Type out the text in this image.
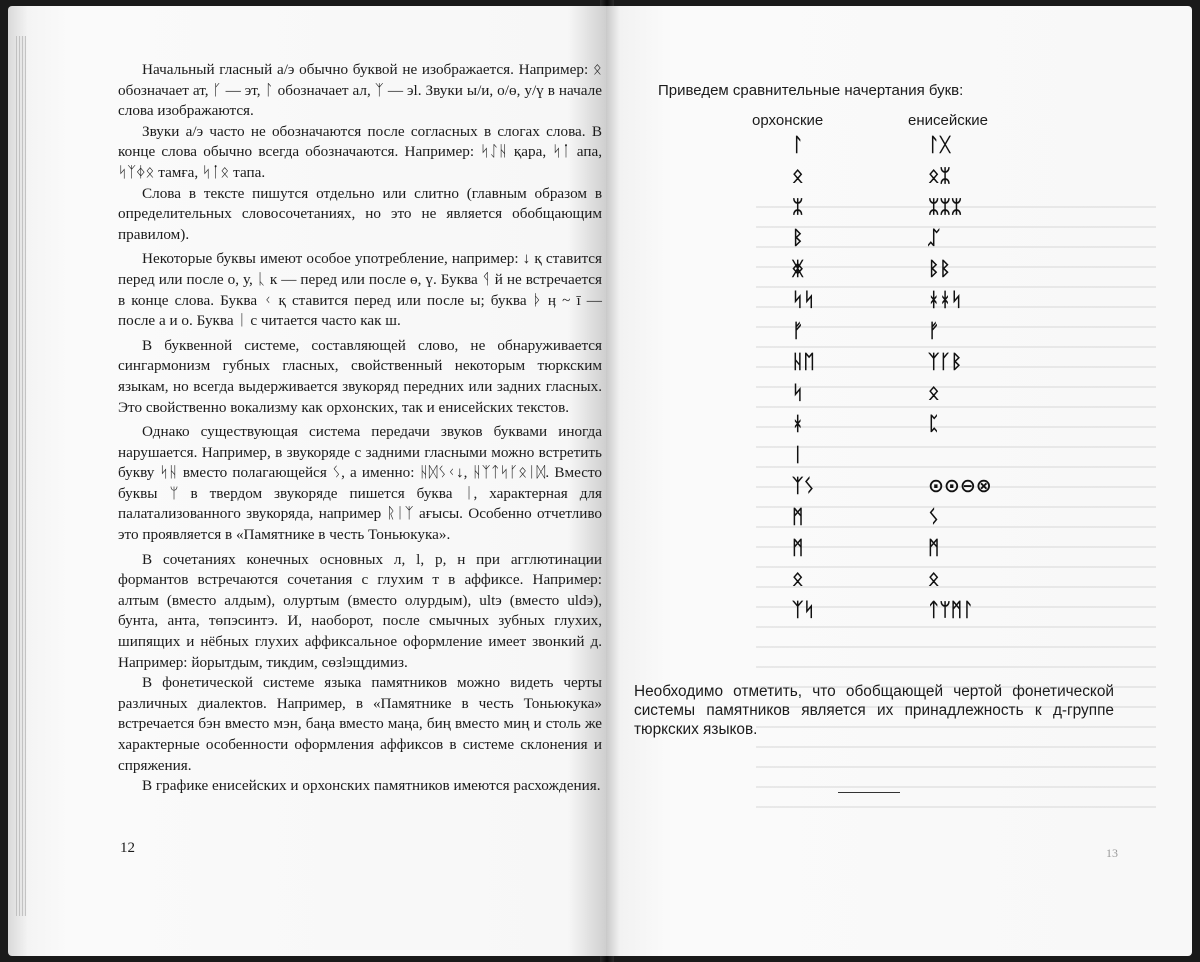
Начальный гласный а/э обычно буквой не изображается. Например: ᛟ обозначает ат, ᚴ — эт, ᛚ обозначает ал, ᛉ — эl. Звуки ы/и, о/ө, у/ү в начале слова изображаются.

Звуки а/э часто не обозначаются после согласных в слогах слова. В конце слова обычно всегда обозначаются. Например: ᛋᛇᚺ қара, ᛋᛙ апа, ᛋᛉᛄᛟ тамға, ᛋᛙᛟ тапа.

Слова в тексте пишутся отдельно или слитно (главным образом в определительных словосочетаниях, но это не является обобщающим правилом).

Некоторые буквы имеют особое употребление, например: ↓ қ ставится перед или после о, у, ᚳ к — перед или после ө, ү. Буква ᛩ й не встречается в конце слова. Буква ᚲ қ ставится перед или после ы; буква ᚦ ӊ ~ ī — после а и о. Буква ᛁ с читается часто как ш.

В буквенной системе, составляющей слово, не обнаруживается сингармонизм губных гласных, свойственный некоторым тюркским языкам, но всегда выдерживается звукоряд передних или задних гласных. Это свойственно вокализму как орхонских, так и енисейских текстов.

Однако существующая система передачи звуков буквами иногда нарушается. Например, в звукоряде с задними гласными можно встретить букву ᛋᚺ вместо полагающейся ᛊ, а именно: ᚺᛞᛊᚲ↓, ᚺᛉᛏᛋᚴᛟᛁᛞ. Вместо буквы ᛘ в твердом звукоряде пишется буква ᛁ, характерная для палатализованного звукоряда, например ᚱᛁᛉ ағысы. Особенно отчетливо это проявляется в «Памятнике в честь Тоньюкука».

В сочетаниях конечных основных л, l, р, н при агглютинации формантов встречаются сочетания с глухим т в аффиксе. Например: алтым (вместо алдым), олуртым (вместо олурдым), ultэ (вместо uldэ), бунта, анта, төпэсинтэ. И, наоборот, после смычных зубных глухих, шипящих и нёбных глухих аффиксальное оформление имеет звонкий д. Например: йорытдым, тикдим, сөзlэщдимиз.

В фонетической системе языка памятников можно видеть черты различных диалектов. Например, в «Памятнике в честь Тоньюкука» встречается бэн вместо мэн, баңа вместо маңа, биң вместо миң и столь же характерные особенности оформления аффиксов в системе склонения и спряжения.

В графике енисейских и орхонских памятников имеются расхождения.

12
Приведем сравнительные начертания букв:
орхонские	енисейские
ᛚ
ᛟ
ᛯ
ᛒ
ᛤ
ᛋᛋ
ᚠ
ᚺᛖ
ᛋ
ᚼ
ᛁ
ᛉᛊ
ᛗ
ᛗ
ᛟ
ᛉᛋ
ᛚᚷ
ᛟᛯ
ᛯᛯᛯ
ᛢ
ᛒᛒ
ᚼᚼᛋ
ᚠ
ᛉᚴᛒ
ᛟ
ᛈ
⊙⊙⊖⊗
ᛊ
ᛗ
ᛟ
ᛏᛘᛗᛚ
Необходимо отметить, что обобщающей чертой фонетической системы памятников является их принадлежность к д-группе тюркских языков.
13
